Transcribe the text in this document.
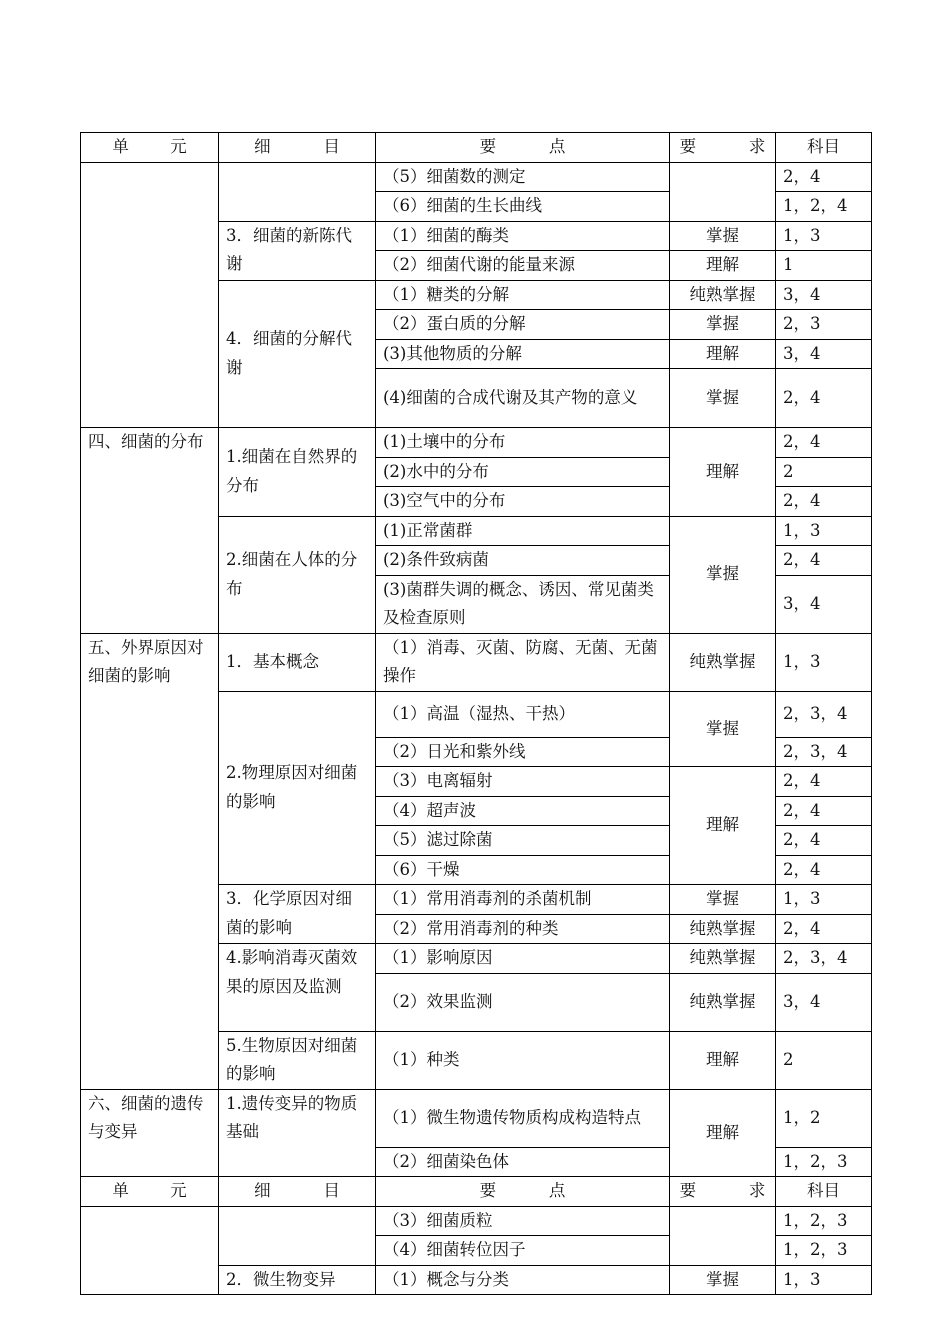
单 元	细 目	要 点	要 求	科目
		（5）细菌数的测定		2，4
		（6）细菌的生长曲线		1，2，4
	3．细菌的新陈代谢	（1）细菌的酶类	掌握	1，3
		（2）细菌代谢的能量来源	理解	1
	4．细菌的分解代谢	（1）糖类的分解	纯熟掌握	3，4
		（2）蛋白质的分解	掌握	2，3
		(3)其他物质的分解	理解	3，4
		(4)细菌的合成代谢及其产物的意义	掌握	2，4
四、细菌的分布	1.细菌在自然界的分布	(1)土壤中的分布	理解	2，4
		(2)水中的分布		2
		(3)空气中的分布		2，4
	2.细菌在人体的分布	(1)正常菌群	掌握	1，3
		(2)条件致病菌		2，4
		(3)菌群失调的概念、诱因、常见菌类及检查原则		3，4
五、外界原因对细菌的影响	1．基本概念	（1）消毒、灭菌、防腐、无菌、无菌操作	纯熟掌握	1，3
	2.物理原因对细菌的影响	（1）高温（湿热、干热）	掌握	2，3，4
		（2）日光和紫外线		2，3，4
		（3）电离辐射	理解	2，4
		（4）超声波		2，4
		（5）滤过除菌		2，4
		（6）干燥		2，4
	3．化学原因对细菌的影响	（1）常用消毒剂的杀菌机制	掌握	1，3
		（2）常用消毒剂的种类	纯熟掌握	2，4
	4.影响消毒灭菌效果的原因及监测	（1）影响原因	纯熟掌握	2，3，4
		（2）效果监测	纯熟掌握	3，4
	5.生物原因对细菌的影响	（1）种类	理解	2
六、细菌的遗传与变异	1.遗传变异的物质基础	（1）微生物遗传物质构成构造特点	理解	1，2
		（2）细菌染色体		1，2，3
单 元	细 目	要 点	要 求	科目
		（3）细菌质粒		1，2，3
		（4）细菌转位因子		1，2，3
	2．微生物变异	（1）概念与分类	掌握	1，3
